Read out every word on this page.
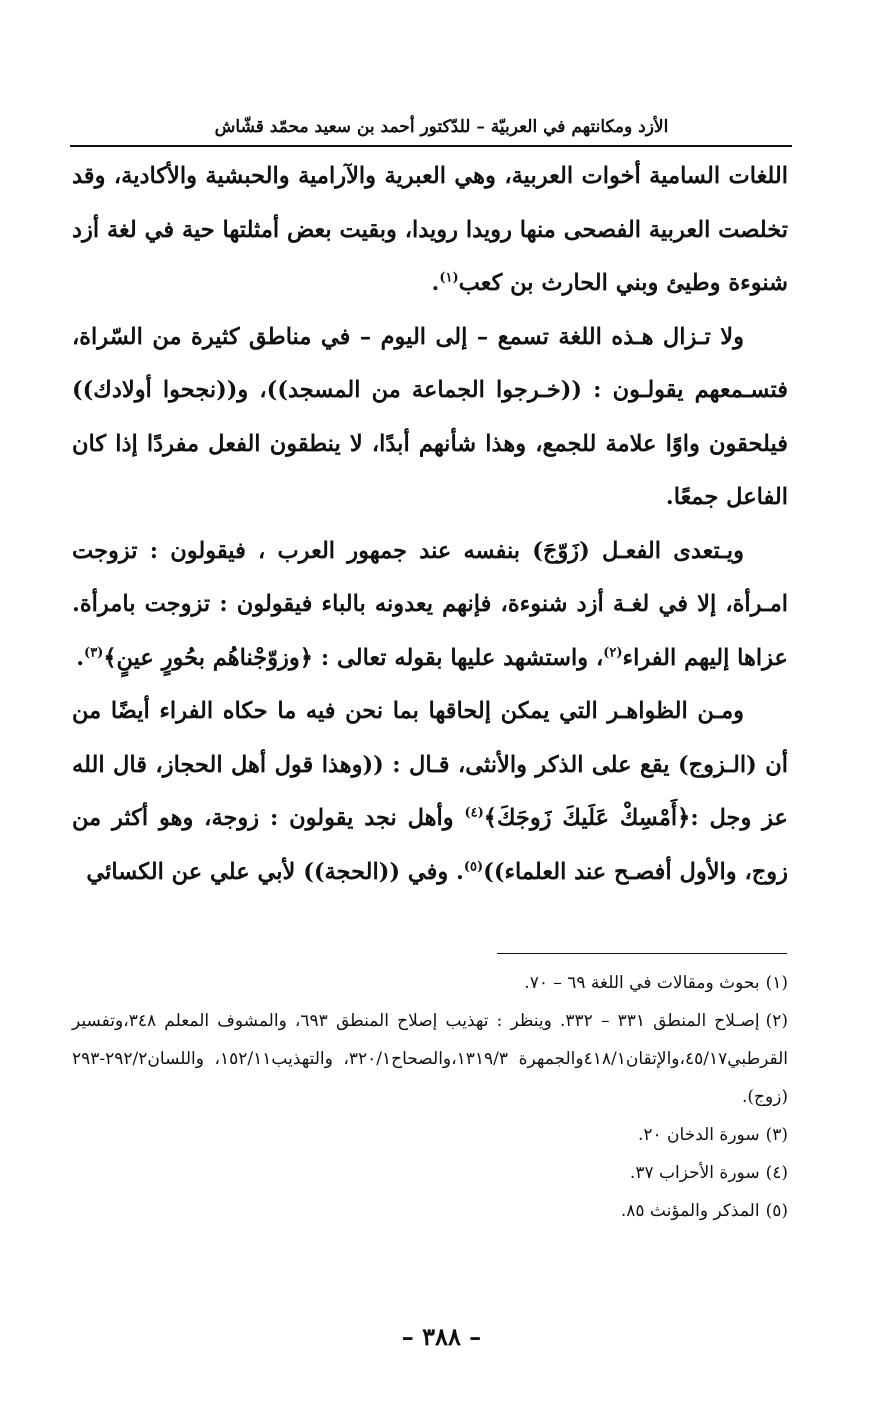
الأزد ومكانتهم في العربيّة – للدّكتور أحمد بن سعيد محمّد قشّاش

اللغات السامية أخوات العربية، وهي العبرية والآرامية والحبشية والأكادية، وقد تخلصت العربية الفصحى منها رويدا رويدا، وبقيت بعض أمثلتها حية في لغة أزد شنوءة وطيئ وبني الحارث بن كعب$^{(١)}$.

ولا تـزال هـذه اللغة تسمع – إلى اليوم – في مناطق كثيرة من السّراة، فتسـمعهم يقولـون : ((خـرجوا الجماعة من المسجد))، و((نجحوا أولادك)) فيلحقون واوًا علامة للجمع، وهذا شأنهم أبدًا، لا ينطقون الفعل مفردًا إذا كان الفاعل جمعًا.

ويـتعدى الفعـل (زَوّجَ) بنفسه عند جمهور العرب ، فيقولون : تزوجت امـرأة، إلا في لغـة أزد شنوءة، فإنهم يعدونه بالباء فيقولون : تزوجت بامرأة. عزاها إليهم الفراء$^{(٢)}$، واستشهد عليها بقوله تعالى : ﴿وزوّجْناهُم بحُورٍ عينٍ﴾$^{(٣)}$.

ومـن الظواهـر التي يمكن إلحاقها بما نحن فيه ما حكاه الفراء أيضًا من أن (الـزوج) يقع على الذكر والأنثى، قـال : ((وهذا قول أهل الحجاز، قال الله عز وجل :﴿أَمْسِكْ عَلَيكَ زَوجَكَ﴾$^{(٤)}$ وأهل نجد يقولون : زوجة، وهو أكثر من زوج، والأول أفصـح عند العلماء))$^{(٥)}$. وفي ((الحجة)) لأبي علي عن الكسائي

(١)بحوث ومقالات في اللغة ٦٩ – ٧٠.

(٢)إصـلاح المنطق ٣٣١ – ٣٣٢. وينظر : تهذيب إصلاح المنطق ٦٩٣، والمشوف المعلم ٣٤٨،وتفسير القرطبي٤٥/١٧،والإتقان٤١٨/١والجمهرة ١٣١٩/٣،والصحاح٣٢٠/١، والتهذيب١٥٢/١١، واللسان٢٩٢/٢-٢٩٣ (زوج).

(٣)سورة الدخان ٢٠.

(٤)سورة الأحزاب ٣٧.

(٥)المذكر والمؤنث ٨٥.

– ٣٨٨ –
